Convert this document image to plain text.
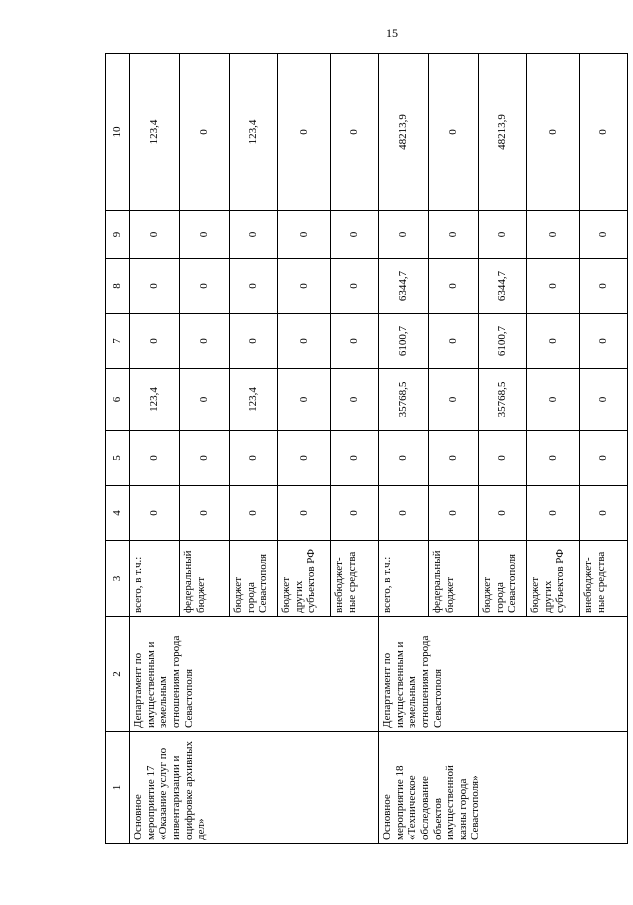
15
1	2	3	4	5	6	7	8	9	10
Основное мероприятие 17 «Оказание услуг по инвентаризации и оцифровке архивных дел»	Департамент по имущественным и земельным отношениям города Севастополя	всего, в т.ч.:	0	0	123,4	0	0	0	123,4
		федеральный бюджет	0	0	0	0	0	0	0
		бюджет города Севастополя	0	0	123,4	0	0	0	123,4
		бюджет других субъектов РФ	0	0	0	0	0	0	0
		внебюджет-ные средства	0	0	0	0	0	0	0
Основное мероприятие 18 «Техническое обследование объектов имущественной казны города Севастополя»	Департамент по имущественным и земельным отношениям города Севастополя	всего, в т.ч.:	0	0	35768,5	6100,7	6344,7	0	48213,9
		федеральный бюджет	0	0	0	0	0	0	0
		бюджет города Севастополя	0	0	35768,5	6100,7	6344,7	0	48213,9
		бюджет других субъектов РФ	0	0	0	0	0	0	0
		внебюджет-ные средства	0	0	0	0	0	0	0
